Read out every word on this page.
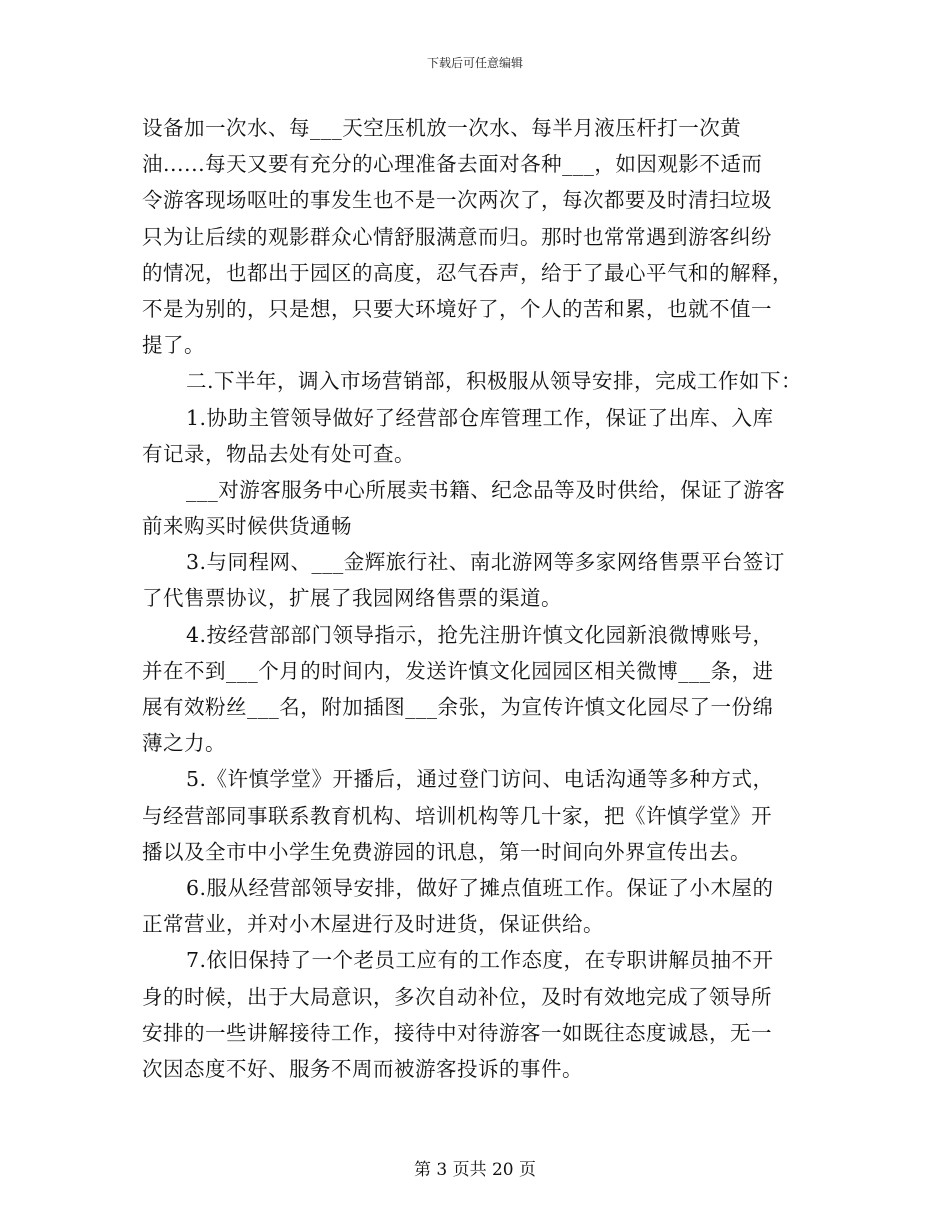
下载后可任意编辑
设备加一次水、每___天空压机放一次水、每半月液压杆打一次黄
油......每天又要有充分的心理准备去面对各种___，如因观影不适而
令游客现场呕吐的事发生也不是一次两次了，每次都要及时清扫垃圾
只为让后续的观影群众心情舒服满意而归。那时也常常遇到游客纠纷
的情况，也都出于园区的高度，忍气吞声，给于了最心平气和的解释，
不是为别的，只是想，只要大环境好了，个人的苦和累，也就不值一
提了。
二.下半年，调入市场营销部，积极服从领导安排，完成工作如下：
1.协助主管领导做好了经营部仓库管理工作，保证了出库、入库
有记录，物品去处有处可查。
___对游客服务中心所展卖书籍、纪念品等及时供给，保证了游客
前来购买时候供货通畅
3.与同程网、___金辉旅行社、南北游网等多家网络售票平台签订
了代售票协议，扩展了我园网络售票的渠道。
4.按经营部部门领导指示，抢先注册许慎文化园新浪微博账号，
并在不到___个月的时间内，发送许慎文化园园区相关微博___条，进
展有效粉丝___名，附加插图___余张，为宣传许慎文化园尽了一份绵
薄之力。
5.《许慎学堂》开播后，通过登门访问、电话沟通等多种方式，
与经营部同事联系教育机构、培训机构等几十家，把《许慎学堂》开
播以及全市中小学生免费游园的讯息，第一时间向外界宣传出去。
6.服从经营部领导安排，做好了摊点值班工作。保证了小木屋的
正常营业，并对小木屋进行及时进货，保证供给。
7.依旧保持了一个老员工应有的工作态度，在专职讲解员抽不开
身的时候，出于大局意识，多次自动补位，及时有效地完成了领导所
安排的一些讲解接待工作，接待中对待游客一如既往态度诚恳，无一
次因态度不好、服务不周而被游客投诉的事件。
第 3 页共 20 页
